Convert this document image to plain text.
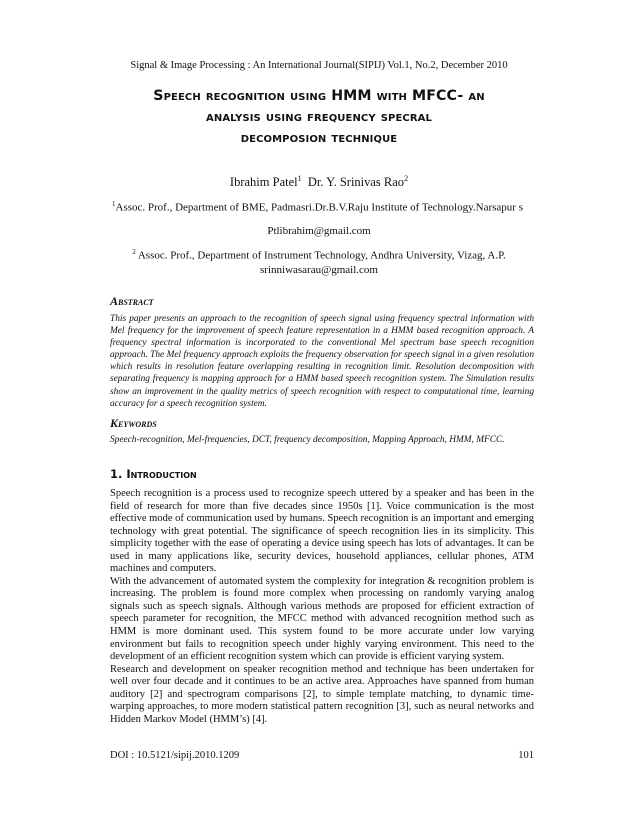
Signal & Image Processing : An International Journal(SIPIJ) Vol.1, No.2, December 2010
Speech recognition using HMM with MFCC- an
analysis using frequency specral
decomposion technique
Ibrahim Patel$^1$ Dr. Y. Srinivas Rao$^2$
$^1$Assoc. Prof., Department of BME, Padmasri.Dr.B.V.Raju Institute of Technology.Narsapur s
Ptlibrahim@gmail.com
$^2$ Assoc. Prof., Department of Instrument Technology, Andhra University, Vizag, A.P.
srinniwasarau@gmail.com
Abstract
This paper presents an approach to the recognition of speech signal using frequency spectral information with Mel frequency for the improvement of speech feature representation in a HMM based recognition approach. A frequency spectral information is incorporated to the conventional Mel spectrum base speech recognition approach. The Mel frequency approach exploits the frequency observation for speech signal in a given resolution which results in resolution feature overlapping resulting in recognition limit. Resolution decomposition with separating frequency is mapping approach for a HMM based speech recognition system. The Simulation results show an improvement in the quality metrics of speech recognition with respect to computational time, learning accuracy for a speech recognition system.
Keywords
Speech-recognition, Mel-frequencies, DCT, frequency decomposition, Mapping Approach, HMM, MFCC.
1. Introduction

Speech recognition is a process used to recognize speech uttered by a speaker and has been in the field of research for more than five decades since 1950s [1]. Voice communication is the most effective mode of communication used by humans. Speech recognition is an important and emerging technology with great potential. The significance of speech recognition lies in its simplicity. This simplicity together with the ease of operating a device using speech has lots of advantages. It can be used in many applications like, security devices, household appliances, cellular phones, ATM machines and computers.

With the advancement of automated system the complexity for integration & recognition problem is increasing. The problem is found more complex when processing on randomly varying analog signals such as speech signals. Although various methods are proposed for efficient extraction of speech parameter for recognition, the MFCC method with advanced recognition method such as HMM is more dominant used. This system found to be more accurate under low varying environment but fails to recognition speech under highly varying environment. This need to the development of an efficient recognition system which can provide is efficient varying system.

Research and development on speaker recognition method and technique has been undertaken for well over four decade and it continues to be an active area. Approaches have spanned from human auditory [2] and spectrogram comparisons [2], to simple template matching, to dynamic time-warping approaches, to more modern statistical pattern recognition [3], such as neural networks and Hidden Markov Model (HMM’s) [4].

DOI : 10.5121/sipij.2010.1209	101
